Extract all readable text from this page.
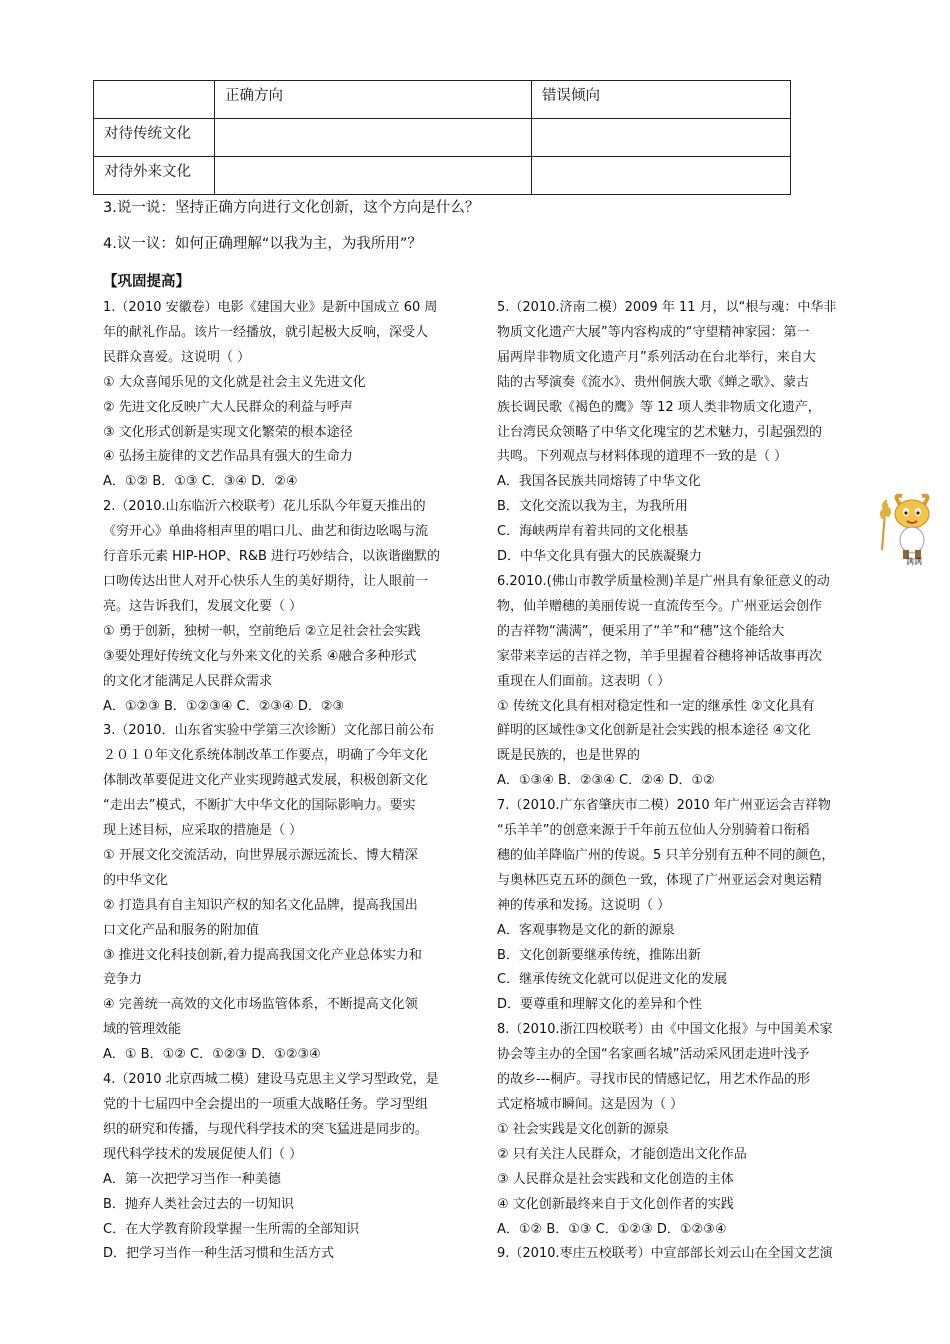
	正确方向	错误倾向
对待传统文化		
对待外来文化		
3.说一说：坚持正确方向进行文化创新，这个方向是什么？
4.议一议：如何正确理解“以我为主，为我所用”？
【巩固提高】

1.（2010 安徽卷）电影《建国大业》是新中国成立 60 周

年的献礼作品。该片一经播放，就引起极大反响，深受人

民群众喜爱。这说明（ ）

① 大众喜闻乐见的文化就是社会主义先进文化

② 先进文化反映广大人民群众的利益与呼声

③ 文化形式创新是实现文化繁荣的根本途径

④ 弘扬主旋律的文艺作品具有强大的生命力

A．①② B．①③ C．③④ D．②④

2.（2010.山东临沂六校联考）花儿乐队今年夏天推出的

《穷开心》单曲将相声里的唱口儿、曲艺和街边吆喝与流

行音乐元素 HIP-HOP、R&B 进行巧妙结合，以诙谐幽默的

口吻传达出世人对开心快乐人生的美好期待，让人眼前一

亮。这告诉我们，发展文化要（ ）

① 勇于创新，独树一帜，空前绝后 ②立足社会社会实践

③要处理好传统文化与外来文化的关系 ④融合多种形式

的文化才能满足人民群众需求

A．①②③ B．①②③④ C．②③④ D．②③

3.（2010．山东省实验中学第三次诊断）文化部日前公布

２０１０年文化系统体制改革工作要点，明确了今年文化

体制改革要促进文化产业实现跨越式发展，积极创新文化

“走出去”模式，不断扩大中华文化的国际影响力。要实

现上述目标，应采取的措施是（ ）

① 开展文化交流活动，向世界展示源远流长、博大精深

的中华文化

② 打造具有自主知识产权的知名文化品牌，提高我国出

口文化产品和服务的附加值

③ 推进文化科技创新,着力提高我国文化产业总体实力和

竞争力

④ 完善统一高效的文化市场监管体系，不断提高文化领

域的管理效能

A．① B．①② C．①②③ D．①②③④

4.（2010 北京西城二模）建设马克思主义学习型政党，是

党的十七届四中全会提出的一项重大战略任务。学习型组

织的研究和传播，与现代科学技术的突飞猛进是同步的。

现代科学技术的发展促使人们（ ）

A．第一次把学习当作一种美德

B．抛弃人类社会过去的一切知识

C．在大学教育阶段掌握一生所需的全部知识

D．把学习当作一种生活习惯和生活方式

5.（2010.济南二模）2009 年 11 月，以“根与魂：中华非

物质文化遗产大展”等内容构成的“守望精神家园：第一

届两岸非物质文化遗产月”系列活动在台北举行，来自大

陆的古琴演奏《流水》、贵州侗族大歌《蝉之歌》、蒙古

族长调民歌《褐色的鹰》等 12 项人类非物质文化遗产，

让台湾民众领略了中华文化瑰宝的艺术魅力，引起强烈的

共鸣。下列观点与材料体现的道理不一致的是（ ）

A．我国各民族共同熔铸了中华文化

B．文化交流以我为主，为我所用

C．海峡两岸有着共同的文化根基

D．中华文化具有强大的民族凝聚力

6.2010.(佛山市教学质量检测)羊是广州具有象征意义的动

物，仙羊赠穗的美丽传说一直流传至今。广州亚运会创作

的吉祥物“满满”，便采用了“羊”和“穗”这个能给大

家带来幸运的吉祥之物，羊手里握着谷穗将神话故事再次

重现在人们面前。这表明（ ）

① 传统文化具有相对稳定性和一定的继承性 ②文化具有

鲜明的区域性③文化创新是社会实践的根本途径 ④文化

既是民族的，也是世界的

A．①③④ B．②③④ C．②④ D．①②

7.（2010.广东省肇庆市二模）2010 年广州亚运会吉祥物

“乐羊羊”的创意来源于千年前五位仙人分别骑着口衔稻

穗的仙羊降临广州的传说。5 只羊分别有五种不同的颜色，

与奥林匹克五环的颜色一致，体现了广州亚运会对奥运精

神的传承和发扬。这说明（ ）

A．客观事物是文化的新的源泉

B．文化创新要继承传统，推陈出新

C．继承传统文化就可以促进文化的发展

D．要尊重和理解文化的差异和个性

8.（2010.浙江四校联考）由《中国文化报》与中国美术家

协会等主办的全国“名家画名城”活动采风团走进叶浅予

的故乡---桐庐。寻找市民的情感记忆，用艺术作品的形

式定格城市瞬间。这是因为（ ）

① 社会实践是文化创新的源泉

② 只有关注人民群众，才能创造出文化作品

③ 人民群众是社会实践和文化创造的主体

④ 文化创新最终来自于文化创作者的实践

A．①② B．①③ C．①②③ D．①②③④

9.（2010.枣庄五校联考）中宣部部长刘云山在全国文艺演

满满
